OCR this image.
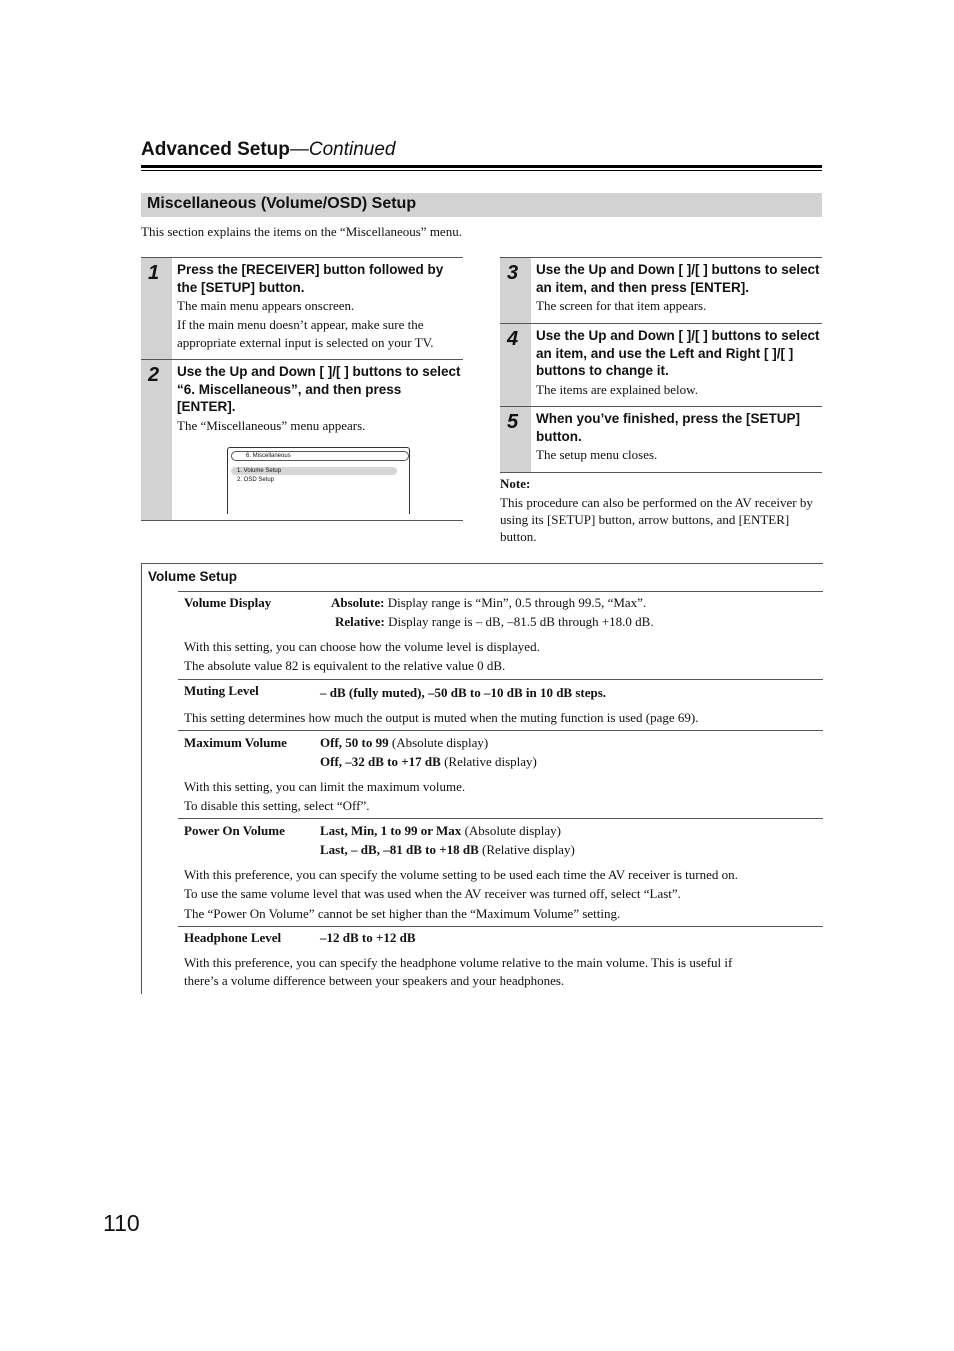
Advanced Setup—Continued
Miscellaneous (Volume/OSD) Setup
This section explains the items on the “Miscellaneous” menu.
1 Press the [RECEIVER] button followed by the [SETUP] button.
The main menu appears onscreen.
If the main menu doesn’t appear, make sure the appropriate external input is selected on your TV.
2 Use the Up and Down [ ]/[ ] buttons to select “6. Miscellaneous”, and then press [ENTER].
The “Miscellaneous” menu appears.
6. Miscellaneous
1. Volume Setup
2. OSD Setup
3 Use the Up and Down [ ]/[ ] buttons to select an item, and then press [ENTER].
The screen for that item appears.
4 Use the Up and Down [ ]/[ ] buttons to select an item, and use the Left and Right [ ]/[ ] buttons to change it.
The items are explained below.
5 When you’ve finished, press the [SETUP] button.
The setup menu closes.
Note:
This procedure can also be performed on the AV receiver by using its [SETUP] button, arrow buttons, and [ENTER] button.
Volume Setup
Volume Display	Absolute: Display range is “Min”, 0.5 through 99.5, “Max”.
Relative: Display range is – dB, –81.5 dB through +18.0 dB.
With this setting, you can choose how the volume level is displayed.
The absolute value 82 is equivalent to the relative value 0 dB.
Muting Level	– dB (fully muted), –50 dB to –10 dB in 10 dB steps.
This setting determines how much the output is muted when the muting function is used (page 69).
Maximum Volume	Off, 50 to 99 (Absolute display)
Off, –32 dB to +17 dB (Relative display)
With this setting, you can limit the maximum volume.
To disable this setting, select “Off”.
Power On Volume	Last, Min, 1 to 99 or Max (Absolute display)
Last, – dB, –81 dB to +18 dB (Relative display)
With this preference, you can specify the volume setting to be used each time the AV receiver is turned on.
To use the same volume level that was used when the AV receiver was turned off, select “Last”.
The “Power On Volume” cannot be set higher than the “Maximum Volume” setting.
Headphone Level	–12 dB to +12 dB
With this preference, you can specify the headphone volume relative to the main volume. This is useful if
there’s a volume difference between your speakers and your headphones.
110
